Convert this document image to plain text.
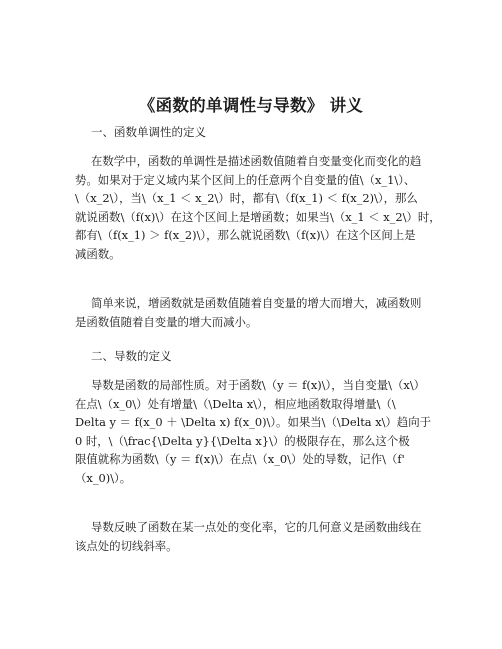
《函数的单调性与导数》 讲义
一、函数单调性的定义

在数学中，函数的单调性是描述函数值随着自变量变化而变化的趋
势。如果对于定义域内某个区间上的任意两个自变量的值\（x_1\）、
\（x_2\），当\（x_1 ＜ x_2\）时，都有\（f(x_1) ＜ f(x_2)\），那么
就说函数\（f(x)\）在这个区间上是增函数；如果当\（x_1 ＜ x_2\）时，
都有\（f(x_1) ＞ f(x_2)\），那么就说函数\（f(x)\）在这个区间上是
减函数。

简单来说，增函数就是函数值随着自变量的增大而增大，减函数则
是函数值随着自变量的增大而减小。

二、导数的定义

导数是函数的局部性质。对于函数\（y ＝ f(x)\），当自变量\（x\）
在点\（x_0\）处有增量\（\Delta x\），相应地函数取得增量\（\
Delta y ＝ f(x_0 ＋ \Delta x) f(x_0)\）。如果当\（\Delta x\）趋向于
0 时，\（\frac{\Delta y}{\Delta x}\）的极限存在，那么这个极
限值就称为函数\（y ＝ f(x)\）在点\（x_0\）处的导数，记作\（f'
（x_0)\）。

导数反映了函数在某一点处的变化率，它的几何意义是函数曲线在
该点处的切线斜率。
